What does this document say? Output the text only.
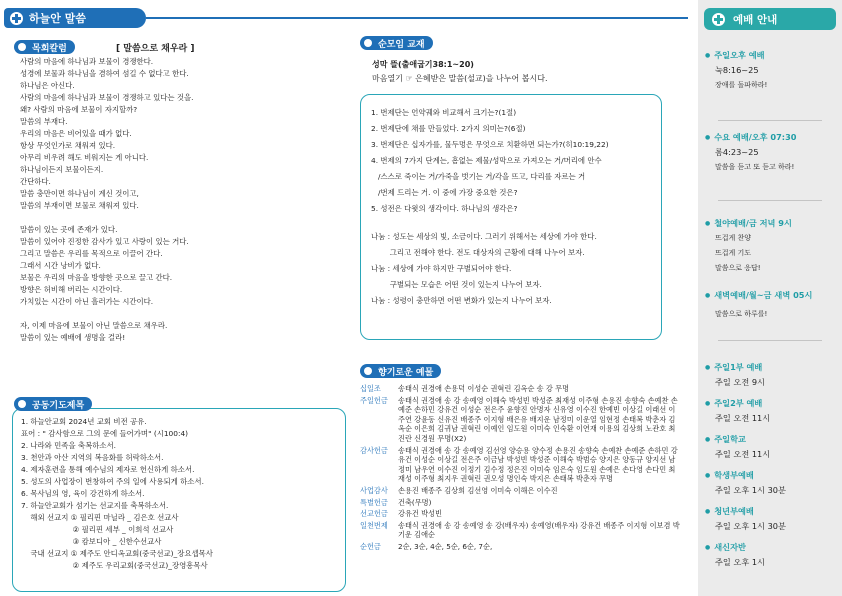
하늘안 말씀
목회칼럼	[ 말씀으로 채우라 ]
사람의 마음에 하나님과 보물이 경쟁한다.
성경에 보물과 하나님을 겸하여 섬길 수 없다고 한다.
하나님은 아신다.
사람의 마음에 하나님과 보물이 경쟁하고 있다는 것을.
왜? 사람의 마음에 보물이 자지할까?
말씀의 부재다.
우리의 마음은 비어있을 때가 없다.
항상 무엇인가로 채워져 있다.
아무리 비우려 해도 비워지는 게 아니다.
하나님이든지 보물이든지.
간단하다.
말씀 충만이면 하나님이 계신 것이고,
말씀의 부재이면 보물로 채워져 있다.
말씀이 있는 곳에 존재가 있다.
말씀이 있어야 진정한 감사가 있고 사랑이 있는 거다.
그리고 말씀은 우리를 목적으로 이끌어 간다.
그래서 시간 낭비가 없다.
보물은 우리의 마음을 방향한 곳으로 끌고 간다.
방향은 허비해 버리는 시간이다.
가치있는 시간이 아닌 흘러가는 시간이다.
자, 이제 마음에 보물이 아닌 말씀으로 채우라.
말씀이 있는 예배에 생명을 걸라!
공동기도제목
1. 하늘안교회 2024년 교회 비전 공유.
표어 : " 감사함으로 그의 문에 들어가며" (시100:4)
2. 나라와 민족을 축복하소서.
3. 천안과 아산 지역의 복음화를 허락하소서.
4. 제자훈련을 통해 예수님의 제자로 헌신하게 하소서.
5. 성도의 사업장이 번창하여 주의 일에 사용되게 하소서.
6. 목사님의 영, 육이 강건하게 하소서.
7. 하늘안교회가 섬기는 선교지를 축복하소서.
해외 선교지 ① 필리핀 마닐라 _ 김은호 선교사
② 필리핀 세부 _ 이희석 선교사
③ 캄보디아 _ 신한수선교사
국내 선교지 ① 제주도 안디옥교회(중국선교)_장요셉목사
② 제주도 우리교회(중국선교)_장영흥목사
순모임 교재
성막 뜰(출애굽기38:1~20)
마음열기 ☞ 은혜받은 말씀(설교)을 나누어 봅시다.
1. 번제단는 언약궤와 비교해서 크기는?(1절)
2. 번제단에 채를 만들었다. 2가지 의미는?(6절)
3. 번제단은 십자가를, 물두멍은 무엇으로 치환하면 되는가?(히10:19,22)
4. 번제의 7가지 단계는, 흠없는 제물/성막으로 가져오는 거/머리에 안수
/스스로 죽이는 거/가죽을 벗기는 거/각을 뜨고, 다리를 자르는 거
/번제 드리는 거. 이 중에 가장 중요한 것은?
5. 성전은 다윗의 생각이다. 하나님의 생각은?
나눔 : 성도는 세상의 빛, 소금이다. 그러기 위해서는 세상에 가야 한다.
그리고 전해야 한다. 전도 대상자의 근황에 대해 나누어 보자.
나눔 : 세상에 가야 하지만 구별되어야 한다.
구별되는 모습은 어떤 것이 있는지 나누어 보자.
나눔 : 성령이 충만하면 어떤 변화가 있는지 나누어 보자.
향기로운 예물
십일조	송태식 권경애 손용덕 이성순 권혁린 김옥순 송 강 무명
주일헌금	송태식 권경애 송 강 송예영 이해숙 박성빈 박성준 최재성 이주형 손용진 송향숙 손예찬 손예준 손하민 강유건 이성순 전은주 윤향진 안명자 신유영 이수진 한예빈 이상길 이래선 이주연 강윤동 신유진 배종주 이지형 배은유 배지운 남정미 이운열 임현정 손태복 박춘자 김옥순 이은희 김귀남 권혁린 이예인 임도원 이미숙 인숙환 이연재 이용의 김상희 노관호 최진란 신경원 무명(X2)
감사헌금	송태식 권경애 송 강 송예영 김선영 양승용 양수정 손용진 송향숙 손예찬 손예준 손하민 강유건 이성순 이상길 전은주 이금남 박성빈 박성준 이해숙 박범승 양지은 양동규 양지선 남정미 남우연 이수진 이정기 김수정 정은진 이미숙 임은숙 임도원 손예은 손다영 손다민 최재성 이주형 최지우 권혁린 권오성 명인숙 박지은 손태복 박춘자 무명
사업감사	손용진 배종주 김상희 김선영 이미숙 이해은 이수진
특별헌금	건축(무명)
선교헌금	강유건 박성빈
일천번제	송태식 권경애 송 강 송예영 송 강(배우자) 송예영(배우자) 강유건 배종주 이지형 이보겸 박기운 김애순
순헌금	2순, 3순, 4순, 5순, 6순, 7순,
예배 안내
● 주일오후 예배
눅8:16~25
장애를 돌파하라!
● 수요 예배/오후 07:30
롬4:23~25
말씀을 듣고 또 듣고 하라!
● 철야예배/금 저녁 9시
뜨겁게 찬양
뜨겁게 기도
말씀으로 응답!
● 새벽예배/월~금 새벽 05시
말씀으로 하루를!
● 주일1부 예배
주일 오전 9시
● 주일2부 예배
주일 오전 11시
● 주일학교
주일 오전 11시
● 학생부예배
주일 오후 1시 30분
● 청년부예배
주일 오후 1시 30분
● 새신자반
주일 오후 1시
